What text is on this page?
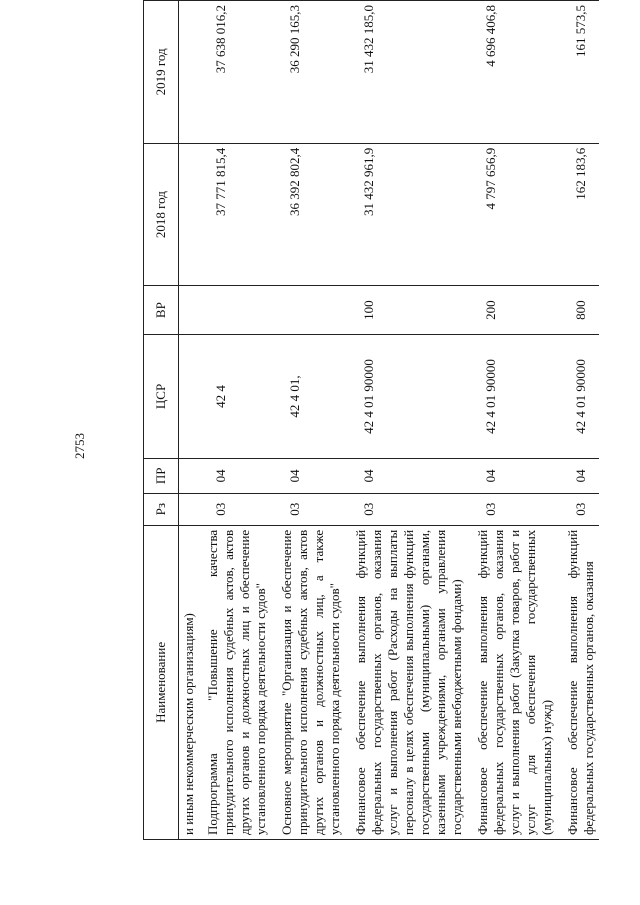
2753
Наименование	Рз	ПР	ЦСР	ВР	2018 год	2019 год
и иным некоммерческим организациям)						
Подпрограмма "Повышение качества принудительного исполнения судебных актов, актов других органов и должностных лиц и обеспечение установленного порядка деятельности судов"	03	04	42 4		37 771 815,4	37 638 016,2

Основное мероприятие "Организация и обеспечение принудительного исполнения судебных актов, актов других органов и должностных лиц, а также установленного порядка деятельности судов"	03	04	42 4 01,		36 392 802,4	36 290 165,3

Финансовое обеспечение выполнения функций федеральных государственных органов, оказания услуг и выполнения работ (Расходы на выплаты персоналу в целях обеспечения выполнения функций государственными (муниципальными) органами, казенными учреждениями, органами управления государственными внебюджетными фондами)	03	04	42 4 01 90000	100	31 432 961,9	31 432 185,0

Финансовое обеспечение выполнения функций федеральных государственных органов, оказания услуг и выполнения работ (Закупка товаров, работ и услуг для обеспечения государственных (муниципальных) нужд)	03	04	42 4 01 90000	200	4 797 656,9	4 696 406,8

Финансовое обеспечение выполнения функций федеральных государственных органов, оказания	03	04	42 4 01 90000	800	162 183,6	161 573,5
